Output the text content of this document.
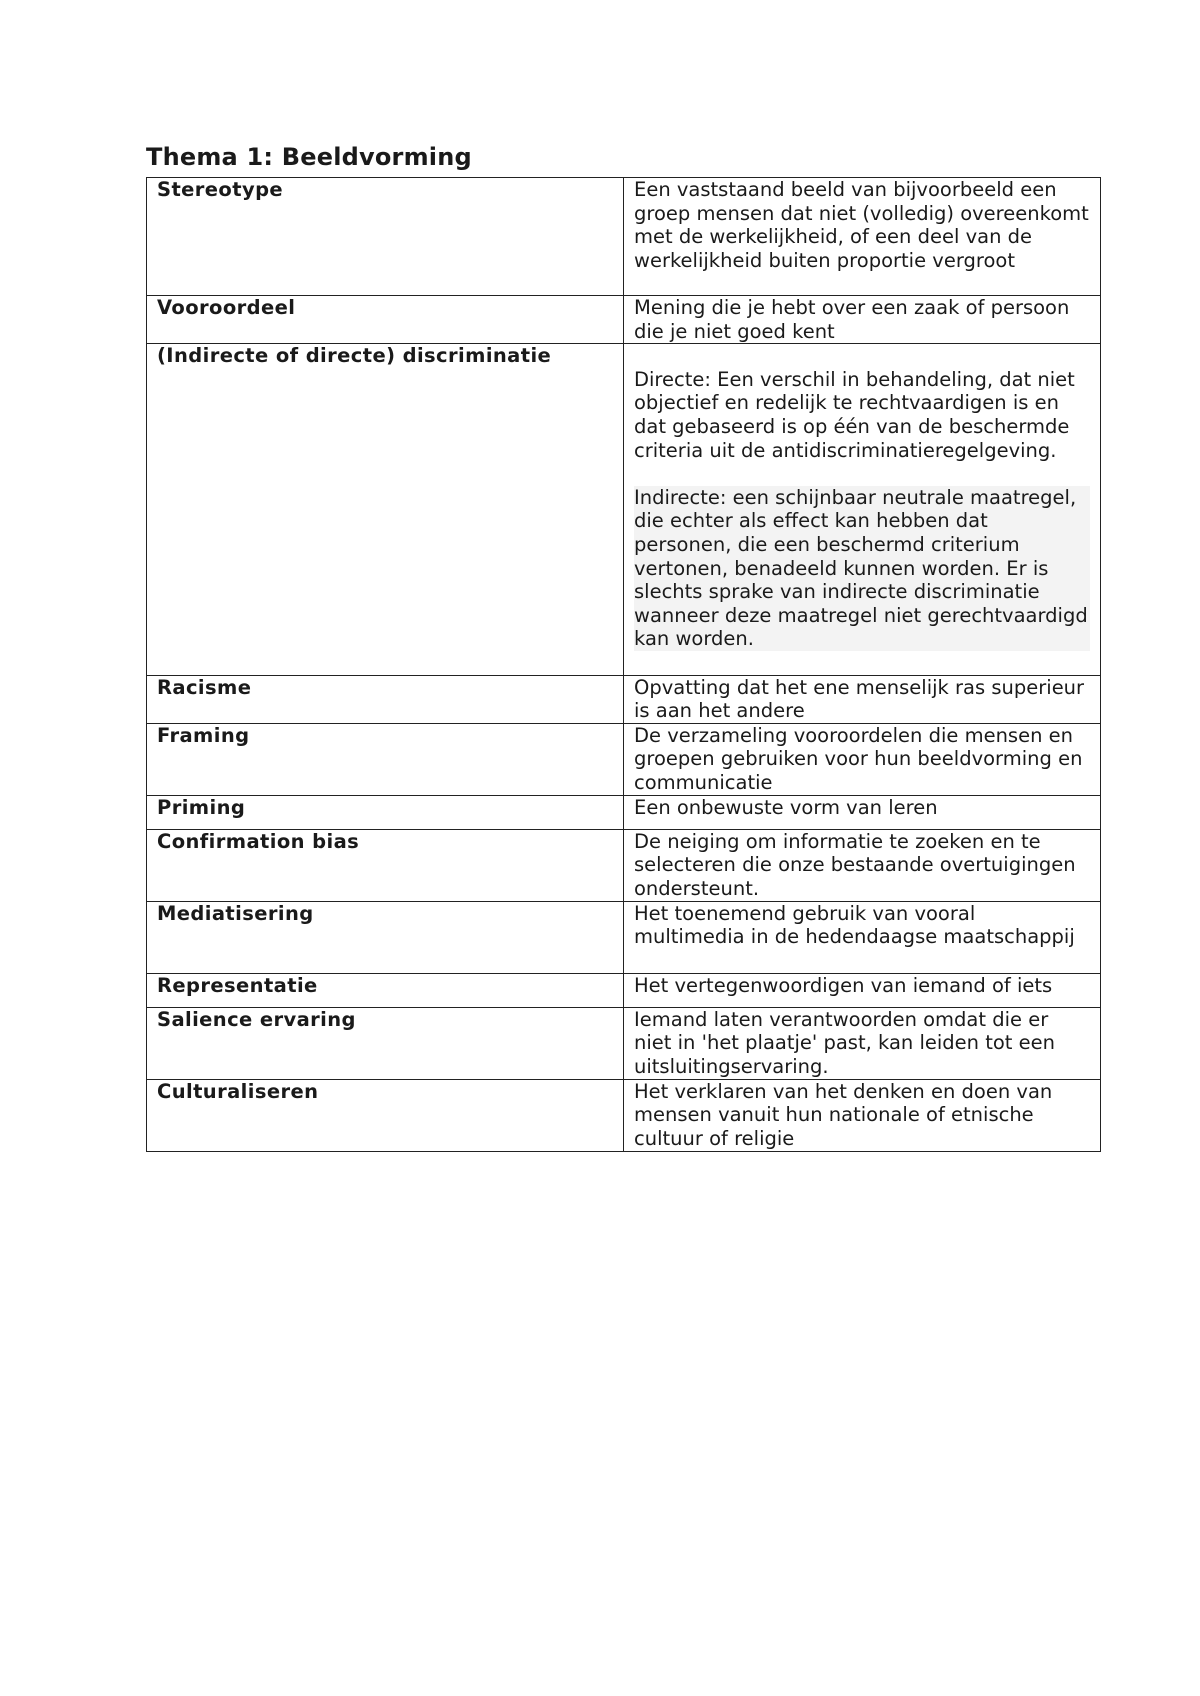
Thema 1: Beeldvorming
Stereotype	Een vaststaand beeld van bijvoorbeeld een groep mensen dat niet (volledig) overeenkomt met de werkelijkheid, of een deel van de werkelijkheid buiten proportie vergroot
Vooroordeel	Mening die je hebt over een zaak of persoon die je niet goed kent
(Indirecte of directe) discriminatie	Directe: Een verschil in behandeling, dat niet objectief en redelijk te rechtvaardigen is en dat gebaseerd is op één van de beschermde criteria uit de antidiscriminatieregelgeving.

Indirecte: een schijnbaar neutrale maatregel, die echter als effect kan hebben dat personen, die een beschermd criterium vertonen, benadeeld kunnen worden. Er is slechts sprake van indirecte discriminatie wanneer deze maatregel niet gerechtvaardigd kan worden.

Racisme	Opvatting dat het ene menselijk ras superieur is aan het andere
Framing	De verzameling vooroordelen die mensen en groepen gebruiken voor hun beeldvorming en communicatie
Priming	Een onbewuste vorm van leren
Confirmation bias	De neiging om informatie te zoeken en te selecteren die onze bestaande overtuigingen ondersteunt.
Mediatisering	Het toenemend gebruik van vooral multimedia in de hedendaagse maatschappij
Representatie	Het vertegenwoordigen van iemand of iets
Salience ervaring	Iemand laten verantwoorden omdat die er niet in 'het plaatje' past, kan leiden tot een uitsluitingservaring.
Culturaliseren	Het verklaren van het denken en doen van mensen vanuit hun nationale of etnische cultuur of religie
